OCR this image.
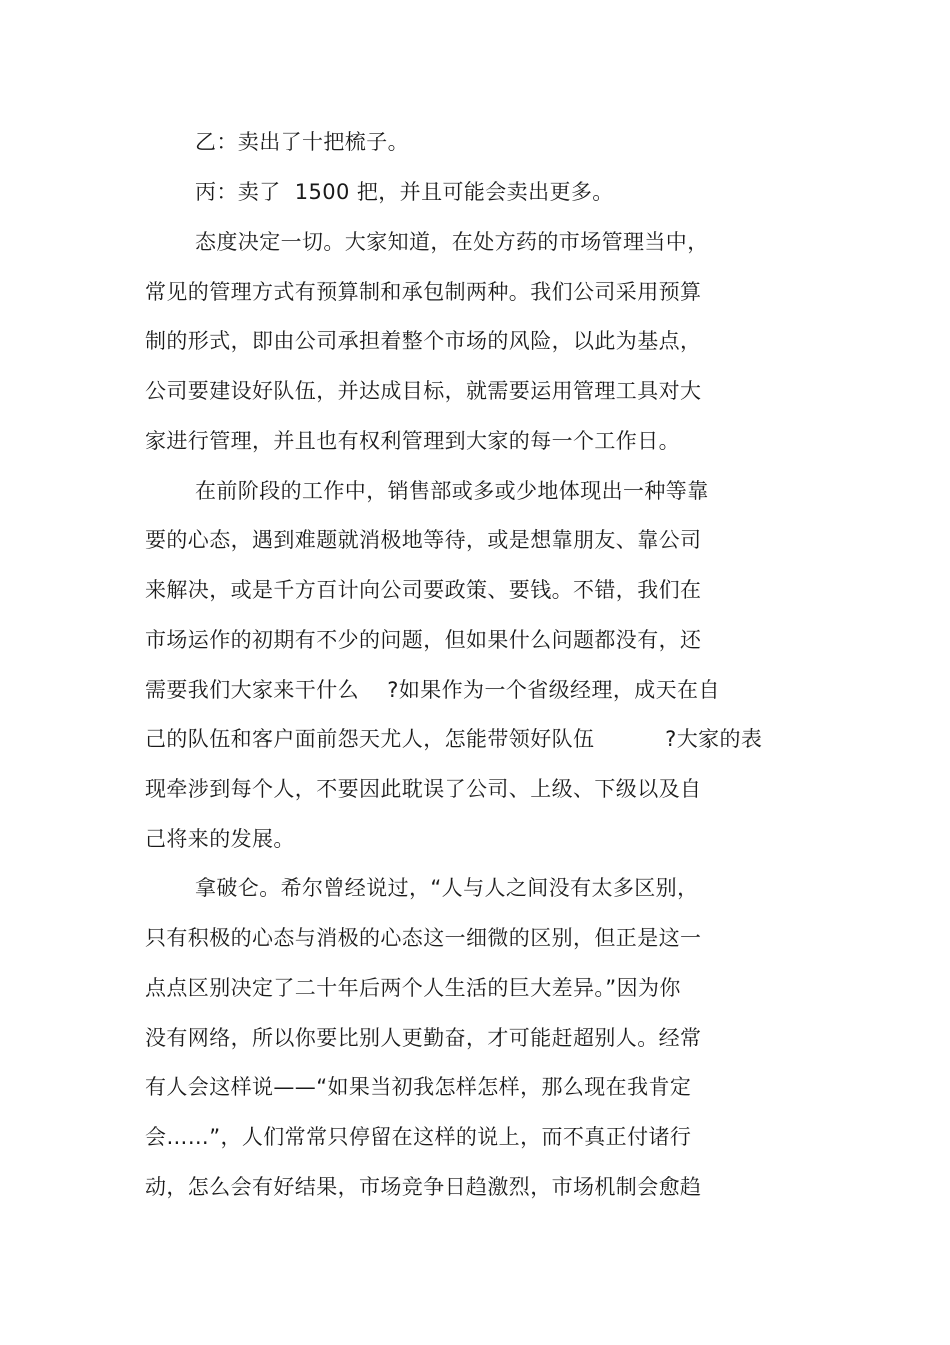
乙：卖出了十把梳子。
丙：卖了  1500 把，并且可能会卖出更多。
态度决定一切。大家知道，在处方药的市场管理当中，
常见的管理方式有预算制和承包制两种。我们公司采用预算
制的形式，即由公司承担着整个市场的风险，以此为基点，
公司要建设好队伍，并达成目标，就需要运用管理工具对大
家进行管理，并且也有权利管理到大家的每一个工作日。
在前阶段的工作中，销售部或多或少地体现出一种等靠
要的心态，遇到难题就消极地等待，或是想靠朋友、靠公司
来解决，或是千方百计向公司要政策、要钱。不错，我们在
市场运作的初期有不少的问题，但如果什么问题都没有，还
需要我们大家来干什么    ?如果作为一个省级经理，成天在自
己的队伍和客户面前怨天尤人，怎能带领好队伍          ?大家的表
现牵涉到每个人，不要因此耽误了公司、上级、下级以及自
己将来的发展。
拿破仑。希尔曾经说过，“人与人之间没有太多区别，
只有积极的心态与消极的心态这一细微的区别，但正是这一
点点区别决定了二十年后两个人生活的巨大差异。”因为你
没有网络，所以你要比别人更勤奋，才可能赶超别人。经常
有人会这样说——“如果当初我怎样怎样，那么现在我肯定
会……”，人们常常只停留在这样的说上，而不真正付诸行
动，怎么会有好结果，市场竞争日趋激烈，市场机制会愈趋
